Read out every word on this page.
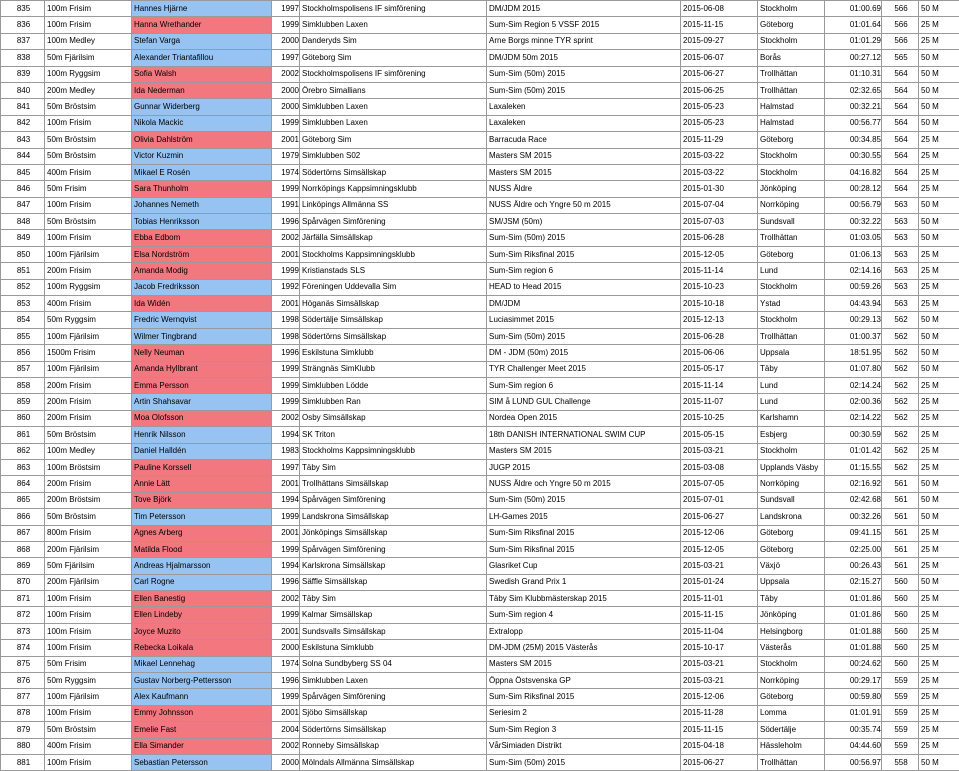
835	100m Frisim	Hannes Hjärne	1997	Stockholmspolisens IF simförening	DM/JDM 2015	2015-06-08	Stockholm	01:00.69	566	50 M
836	100m Frisim	Hanna Wrethander	1999	Simklubben Laxen	Sum-Sim Region 5 VSSF 2015	2015-11-15	Göteborg	01:01.64	566	25 M
837	100m Medley	Stefan Varga	2000	Danderyds Sim	Arne Borgs minne TYR sprint	2015-09-27	Stockholm	01:01.29	566	25 M
838	50m Fjärilsim	Alexander Triantafillou	1997	Göteborg Sim	DM/JDM 50m 2015	2015-06-07	Borås	00:27.12	565	50 M
839	100m Ryggsim	Sofia Walsh	2002	Stockholmspolisens IF simförening	Sum-Sim (50m) 2015	2015-06-27	Trollhättan	01:10.31	564	50 M
840	200m Medley	Ida Nederman	2000	Örebro Simallians	Sum-Sim (50m) 2015	2015-06-25	Trollhättan	02:32.65	564	50 M
841	50m Bröstsim	Gunnar Widerberg	2000	Simklubben Laxen	Laxaleken	2015-05-23	Halmstad	00:32.21	564	50 M
842	100m Frisim	Nikola Mackic	1999	Simklubben Laxen	Laxaleken	2015-05-23	Halmstad	00:56.77	564	50 M
843	50m Bröstsim	Olivia Dahlström	2001	Göteborg Sim	Barracuda Race	2015-11-29	Göteborg	00:34.85	564	25 M
844	50m Bröstsim	Victor Kuzmin	1979	Simklubben S02	Masters SM 2015	2015-03-22	Stockholm	00:30.55	564	25 M
845	400m Frisim	Mikael E Rosén	1974	Södertörns Simsällskap	Masters SM 2015	2015-03-22	Stockholm	04:16.82	564	25 M
846	50m Frisim	Sara Thunholm	1999	Norrköpings Kappsimningsklubb	NUSS Äldre	2015-01-30	Jönköping	00:28.12	564	25 M
847	100m Frisim	Johannes Nemeth	1991	Linköpings Allmänna SS	NUSS Äldre och Yngre 50 m 2015	2015-07-04	Norrköping	00:56.79	563	50 M
848	50m Bröstsim	Tobias Henriksson	1996	Spårvägen Simförening	SM/JSM (50m)	2015-07-03	Sundsvall	00:32.22	563	50 M
849	100m Frisim	Ebba Edbom	2002	Järfälla Simsällskap	Sum-Sim (50m) 2015	2015-06-28	Trollhättan	01:03.05	563	50 M
850	100m Fjärilsim	Elsa Nordström	2001	Stockholms Kappsimningsklubb	Sum-Sim Riksfinal 2015	2015-12-05	Göteborg	01:06.13	563	25 M
851	200m Frisim	Amanda Modig	1999	Kristianstads SLS	Sum-Sim region 6	2015-11-14	Lund	02:14.16	563	25 M
852	100m Ryggsim	Jacob Fredriksson	1992	Föreningen Uddevalla Sim	HEAD to Head 2015	2015-10-23	Stockholm	00:59.26	563	25 M
853	400m Frisim	Ida Widén	2001	Höganäs Simsällskap	DM/JDM	2015-10-18	Ystad	04:43.94	563	25 M
854	50m Ryggsim	Fredric Wernqvist	1998	Södertälje Simsällskap	Luciasimmet 2015	2015-12-13	Stockholm	00:29.13	562	50 M
855	100m Fjärilsim	Wilmer Tingbrand	1998	Södertörns Simsällskap	Sum-Sim (50m) 2015	2015-06-28	Trollhättan	01:00.37	562	50 M
856	1500m Frisim	Nelly Neuman	1996	Eskilstuna Simklubb	DM - JDM (50m) 2015	2015-06-06	Uppsala	18:51.95	562	50 M
857	100m Fjärilsim	Amanda Hyllbrant	1999	Strängnäs SimKlubb	TYR Challenger Meet 2015	2015-05-17	Täby	01:07.80	562	50 M
858	200m Frisim	Emma Persson	1999	Simklubben Lödde	Sum-Sim region 6	2015-11-14	Lund	02:14.24	562	25 M
859	200m Frisim	Artin Shahsavar	1999	Simklubben Ran	SIM å LUND GUL Challenge	2015-11-07	Lund	02:00.36	562	25 M
860	200m Frisim	Moa Olofsson	2002	Osby Simsällskap	Nordea Open 2015	2015-10-25	Karlshamn	02:14.22	562	25 M
861	50m Bröstsim	Henrik Nilsson	1994	SK Triton	18th DANISH INTERNATIONAL SWIM CUP	2015-05-15	Esbjerg	00:30.59	562	25 M
862	100m Medley	Daniel Halldén	1983	Stockholms Kappsimningsklubb	Masters SM 2015	2015-03-21	Stockholm	01:01.42	562	25 M
863	100m Bröstsim	Pauline Korssell	1997	Täby Sim	JUGP 2015	2015-03-08	Upplands Väsby	01:15.55	562	25 M
864	200m Frisim	Annie Lätt	2001	Trollhättans Simsällskap	NUSS Äldre och Yngre 50 m 2015	2015-07-05	Norrköping	02:16.92	561	50 M
865	200m Bröstsim	Tove Björk	1994	Spårvägen Simförening	Sum-Sim (50m) 2015	2015-07-01	Sundsvall	02:42.68	561	50 M
866	50m Bröstsim	Tim Petersson	1999	Landskrona Simsällskap	LH-Games 2015	2015-06-27	Landskrona	00:32.26	561	50 M
867	800m Frisim	Agnes Arberg	2001	Jönköpings Simsällskap	Sum-Sim Riksfinal 2015	2015-12-06	Göteborg	09:41.15	561	25 M
868	200m Fjärilsim	Matilda Flood	1999	Spårvägen Simförening	Sum-Sim Riksfinal 2015	2015-12-05	Göteborg	02:25.00	561	25 M
869	50m Fjärilsim	Andreas Hjalmarsson	1994	Karlskrona Simsällskap	Glasriket Cup	2015-03-21	Växjö	00:26.43	561	25 M
870	200m Fjärilsim	Carl Rogne	1996	Säffle Simsällskap	Swedish Grand Prix 1	2015-01-24	Uppsala	02:15.27	560	50 M
871	100m Frisim	Ellen Banestig	2002	Täby Sim	Täby Sim Klubbmästerskap 2015	2015-11-01	Täby	01:01.86	560	25 M
872	100m Frisim	Ellen Lindeby	1999	Kalmar Simsällskap	Sum-Sim region 4	2015-11-15	Jönköping	01:01.86	560	25 M
873	100m Frisim	Joyce Muzito	2001	Sundsvalls Simsällskap	Extralopp	2015-11-04	Helsingborg	01:01.88	560	25 M
874	100m Frisim	Rebecka Loikala	2000	Eskilstuna Simklubb	DM-JDM (25M) 2015 Västerås	2015-10-17	Västerås	01:01.88	560	25 M
875	50m Frisim	Mikael Lennehag	1974	Solna Sundbyberg SS 04	Masters SM 2015	2015-03-21	Stockholm	00:24.62	560	25 M
876	50m Ryggsim	Gustav Norberg-Pettersson	1996	Simklubben Laxen	Öppna Östsvenska GP	2015-03-21	Norrköping	00:29.17	559	25 M
877	100m Fjärilsim	Alex Kaufmann	1999	Spårvägen Simförening	Sum-Sim Riksfinal 2015	2015-12-06	Göteborg	00:59.80	559	25 M
878	100m Frisim	Emmy Johnsson	2001	Sjöbo Simsällskap	Seriesim 2	2015-11-28	Lomma	01:01.91	559	25 M
879	50m Bröstsim	Emelie Fast	2004	Södertörns Simsällskap	Sum-Sim Region 3	2015-11-15	Södertälje	00:35.74	559	25 M
880	400m Frisim	Ella Simander	2002	Ronneby Simsällskap	VårSimiaden Distrikt	2015-04-18	Hässleholm	04:44.60	559	25 M
881	100m Frisim	Sebastian Petersson	2000	Mölndals Allmänna Simsällskap	Sum-Sim (50m) 2015	2015-06-27	Trollhättan	00:56.97	558	50 M
